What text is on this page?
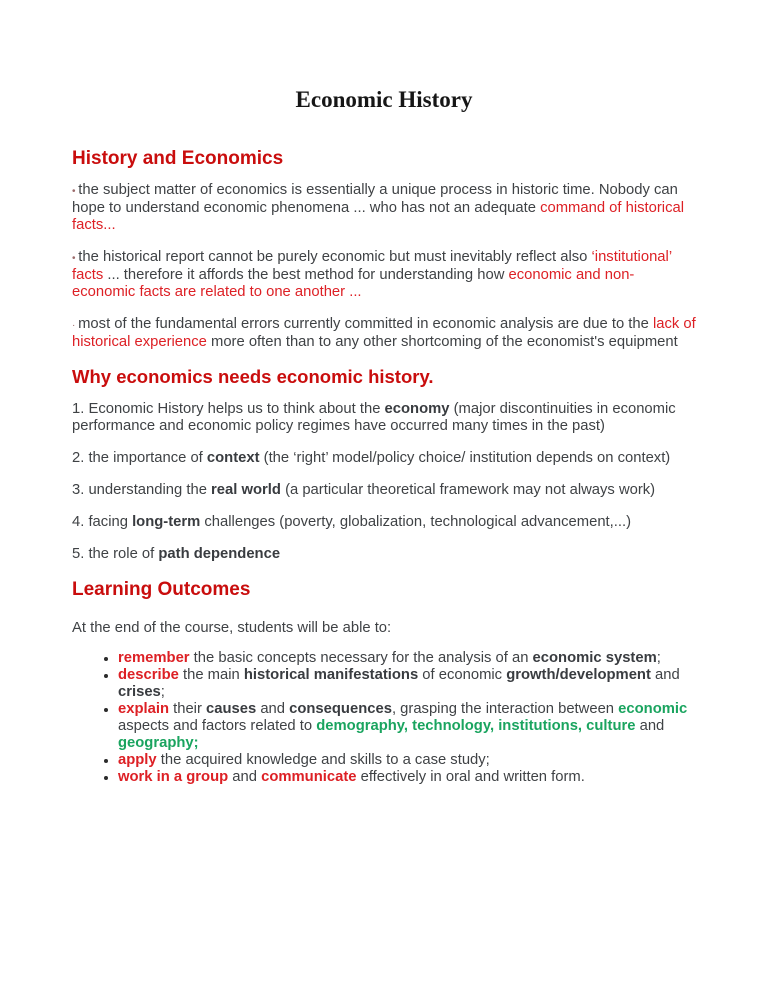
Economic History
History and Economics

• the subject matter of economics is essentially a unique process in historic time. Nobody can hope to understand economic phenomena ... who has not an adequate command of historical facts...

• the historical report cannot be purely economic but must inevitably reflect also ‘institutional’ facts ... therefore it affords the best method for understanding how economic and non-economic facts are related to one another ...

· most of the fundamental errors currently committed in economic analysis are due to the lack of historical experience more often than to any other shortcoming of the economist's equipment

Why economics needs economic history.

1. Economic History helps us to think about the economy (major discontinuities in economic performance and economic policy regimes have occurred many times in the past)

2. the importance of context (the ‘right’ model/policy choice/ institution depends on context)

3. understanding the real world (a particular theoretical framework may not always work)

4. facing long-term challenges (poverty, globalization, technological advancement,...)

5. the role of path dependence

Learning Outcomes

At the end of the course, students will be able to:

• remember the basic concepts necessary for the analysis of an economic system;
• describe the main historical manifestations of economic growth/development and crises;
• explain their causes and consequences, grasping the interaction between economic aspects and factors related to demography, technology, institutions, culture and geography;
• apply the acquired knowledge and skills to a case study;
• work in a group and communicate effectively in oral and written form.
